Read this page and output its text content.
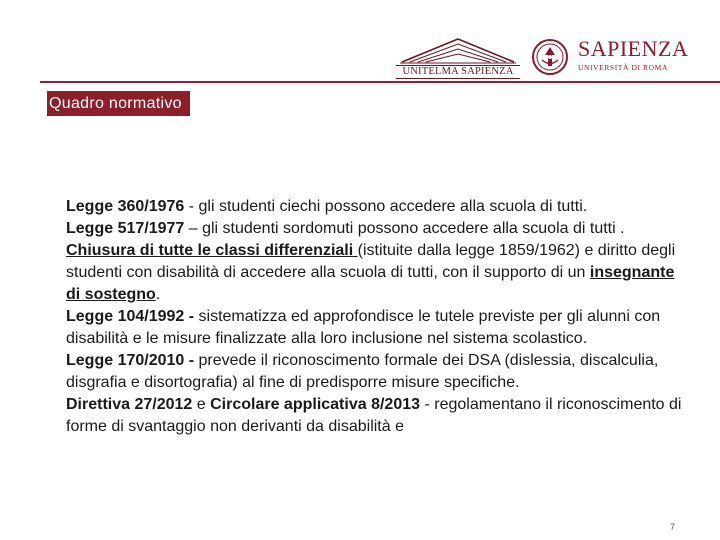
UNITELMA SAPIENZA
SAPIENZA
UNIVERSITÀ DI ROMA
Quadro normativo

Legge 360/1976 - gli studenti ciechi possono accedere alla scuola di tutti.

Legge 517/1977 – gli studenti sordomuti possono accedere alla scuola di tutti .

Chiusura di tutte le classi differenziali (istituite dalla legge 1859/1962) e diritto degli studenti con disabilità di accedere alla scuola di tutti, con il supporto di un insegnante di sostegno.

Legge 104/1992 - sistematizza ed approfondisce le tutele previste per gli alunni con disabilità e le misure finalizzate alla loro inclusione nel sistema scolastico.

Legge 170/2010 - prevede il riconoscimento formale dei DSA (dislessia, discalculia, disgrafia e disortografia) al fine di predisporre misure specifiche.

Direttiva 27/2012 e Circolare applicativa 8/2013 - regolamentano il riconoscimento di forme di svantaggio non derivanti da disabilità e

7
